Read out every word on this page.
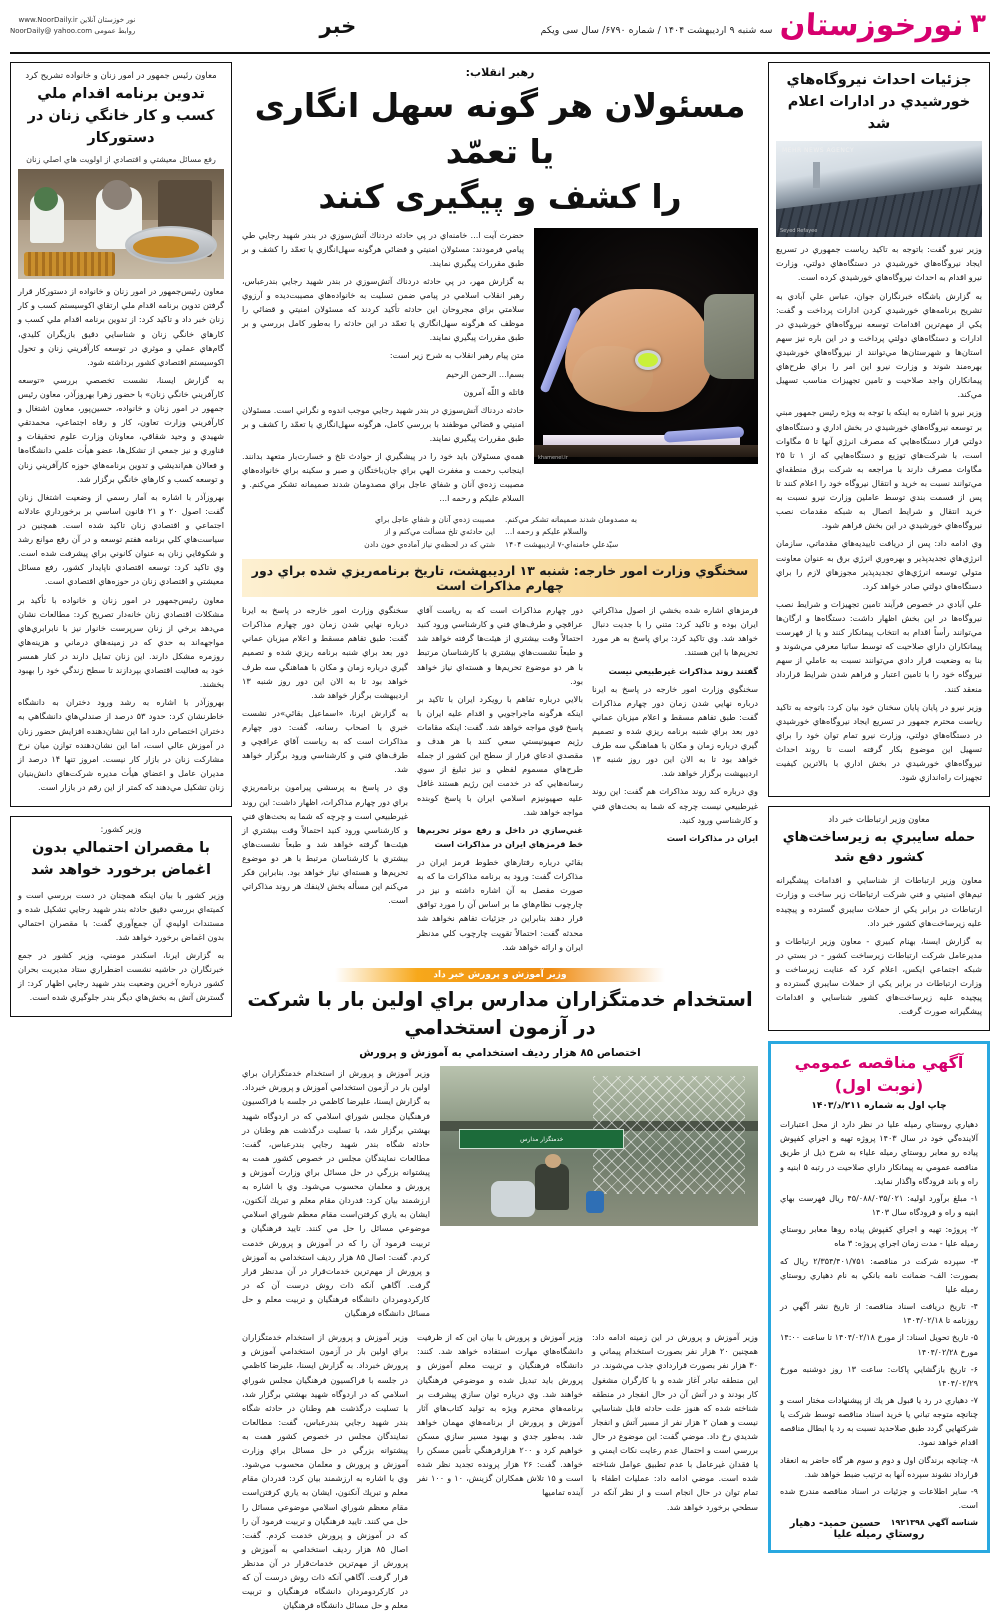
۳
نورخوزستان
سه شنبه ۹ اردیبهشت ۱۴۰۴ / شماره ۶۷۹۰/ سال سی ویکم
خبر
www.NoorDaily.ir نور خوزستان آنلاین
NoorDaily@ yahoo.com روابط عمومی
جزئيات احداث نيروگاه‌هاي خورشيدي در ادارات اعلام شد
MEHR NEWS AGENCY
Seyed Refayee

وزير نيرو گفت: باتوجه به تاكيد رياست جمهوري در تسريع ايجاد نيروگاه‌هاي خورشيدي در دستگاه‌هاي دولتي، وزارت نيرو اقدام به احداث نيروگاه‌هاي خورشيدي كرده است.

به گزارش باشگاه خبرنگاران جوان، عباس علي آبادي به تشريح برنامه‌هاي خورشيدي كردن ادارات پرداخت و گفت: يكي از مهم‌ترين اقدامات توسعه نيروگاه‌هاي خورشيدي در ادارات و دستگاه‌هاي دولتي پرداخت و در اين باره نيز سهم استان‌ها و شهرستان‌ها مي‌توانند از نيروگاه‌هاي خورشيدي بهره‌مند شوند و وزارت نيرو اين امر را براي طرح‌هاي پيمانكاران واجد صلاحيت و تامين تجهيزات مناسب تسهيل مي‌كند.

وزير نيرو با اشاره به اينكه با توجه به ويژه رئيس جمهور مبني بر توسعه نيروگاه‌هاي خورشيدي در بخش اداري و دستگاه‌هاي دولتي قرار دستگاه‌هايي كه مصرف انرژي آنها تا ۵ مگاوات است، با شركت‌هاي توزيع و دستگاه‌هايي كه از ۱ تا ۲۵ مگاوات مصرف دارند با مراجعه به شركت برق منطقه‌اي مي‌توانند نسبت به خريد و انتقال نيروگاه خود را اعلام كنند تا پس از قسمت بندي توسط عاملين وزارت نيرو نسبت به خريد انتقال و شرايط اتصال به شبكه مقدمات نصب نيروگاه‌هاي خورشيدي در اين بخش فراهم شود.

وي ادامه داد: پس از دريافت تاييديه‌هاي مقدماتي، سازمان انرژي‌هاي تجديدپذير و بهره‌وري انرژي برق به عنوان معاونت متولي توسعه انرژي‌هاي تجديدپذير مجوزهاي لازم را براي دستگاه‌هاي دولتي صادر خواهد كرد.

علي آبادي در خصوص فرآيند تامين تجهيزات و شرايط نصب نيروگاه‌ها در اين بخش اظهار داشت: دستگاه‌ها و ارگان‌ها مي‌توانند رأساً اقدام به انتخاب پيمانكار كنند و يا از فهرست پيمانكاران داراي صلاحيت كه توسط ساتبا معرفي مي‌شوند و بنا به وضعيت قرار دادي مي‌توانند نسبت به عاملي از سهم نيروگاه خود را با تامين اعتبار و فراهم شدن شرايط قرارداد منعقد كنند.

وزير نيرو در پايان پايان سخنان خود بيان كرد: باتوجه به تاكيد رياست محترم جمهور در تسريع ايجاد نيروگاه‌هاي خورشيدي در دستگاه‌هاي دولتي، وزارت نيرو تمام توان خود را براي تسهيل اين موضوع بكار گرفته است تا روند احداث نيروگاه‌هاي خورشيدي در بخش اداري با بالاترين كيفيت تجهيزات راه‌اندازي شود.

معاون وزير ارتباطات خبر داد
حمله سايبري به زيرساخت‌هاي كشور دفع شد

معاون وزير ارتباطات از شناسايي و اقدامات پيشگيرانه تيم‌هاي امنيتي و فني شركت ارتباطات زير ساخت و وزارت ارتباطات در برابر يكي از حملات سايبري گسترده و پيچيده عليه زيرساخت‌هاي كشور خبر داد.

به گزارش ايسنا، بهنام كبيري - معاون وزير ارتباطات و مديرعامل شركت ارتباطات زيرساخت كشور - در بستي در شبكه اجتماعي ايكس، اعلام كرد كه عنايت زيرساخت و وزارت ارتباطات در برابر يكي از حملات سايبري گسترده و پيچيده عليه زيرساخت‌هاي كشور شناسايي و اقدامات پيشگيرانه صورت گرفت.

آگهي مناقصه عمومي (نوبت اول)
چاپ اول به شماره ۲۱۱/د/۱۴۰۳

دهياري روستاي رميله عليا در نظر دارد از محل اعتبارات آلاينده‌گي خود در سال ۱۴۰۳ پروژه تهيه و اجراي كفپوش پياده رو معابر روستاي رميله علياء به شرح ذيل از طريق مناقصه عمومي به پيمانكار داراي صلاحيت در رتبه ۵ ابنيه و راه و باند فرودگاه واگذار نمايد.

۱- مبلغ برآورد اوليه: ۴۵/۰۸۸/۰۳۵/۰۲۱ ريال فهرست بهاي ابنيه و راه و فرودگاه سال ۱۴۰۳

۲- پروژه: تهيه و اجراي كفپوش پياده روها معابر روستاي رميله عليا - مدت زمان اجراي پروژه: ۳ ماه

۳- سپرده شركت در مناقصه: ۲/۳۵۴/۴۰۱/۷۵۱ ريال كه بصورت: الف- ضمانت نامه بانكي به نام دهياري روستاي رميله عليا

۴- تاريخ دريافت اسناد مناقصه: از تاريخ نشر آگهي در روزنامه تا ۱۴۰۴/۰۲/۱۸

۵- تاريخ تحويل اسناد: از مورخ ۱۴۰۴/۰۲/۱۸ تا ساعت ۱۴:۰۰ مورخ ۱۴۰۴/۰۲/۲۸

۶- تاريخ بازگشايي پاكات: ساعت ۱۳ روز دوشنبه مورخ ۱۴۰۴/۰۲/۲۹

۷- دهياري در رد يا قبول هر يك از پيشنهادات مختار است و چنانچه متوجه تباني يا خريد اسناد مناقصه توسط شركت يا شركتهايي گردد طبق صلاحديد نسبت به رد يا ابطال مناقصه اقدام خواهد نمود.

۸- چنانچه برندگان اول و دوم و سوم هر گاه حاضر به انعقاد قرارداد نشوند سپرده آنها به ترتيب ضبط خواهد شد.

۹- ساير اطلاعات و جزئيات در اسناد مناقصه مندرج شده است.

شناسه آگهي ۱۹۲۱۳۹۸
حسين حميد- دهيار روستاي رميله عليا
رهبر انقلاب:
مسئولان هر گونه سهل انگاری یا تعمّد
را کشف و پیگیری کنند
khamenei.ir

حضرت آيت ا... خامنه‌اي در پي حادثه دردناك آتش‌سوزي در بندر شهيد رجايي طي پيامي فرمودند: مسئولان امنيتي و قضائي هرگونه سهل‌انگاري يا تعمّد را كشف و بر طبق مقررات پيگيري نمايند.

به گزارش مهر، در پي حادثه دردناك آتش‌سوزي در بندر شهيد رجايي بندرعباس، رهبر انقلاب اسلامي در پيامي ضمن تسليت به خانواده‌هاي مصيبت‌ديده و آرزوي سلامتي براي مجروحان اين حادثه تأكيد كردند كه مسئولان امنيتي و قضائي را موظف كه هرگونه سهل‌انگاري يا تعمّد در اين حادثه را به‌طور كامل بررسي و بر طبق مقررات پيگيري نمايند.

متن پيام رهبر انقلاب به شرح زير است:

بسم‌ا... الرحمن الرحيم

قاتله و اللّه آمرون

حادثه دردناك آتش‌سوزي در بندر شهيد رجايي موجب اندوه و نگراني است. مسئولان امنيتي و قضائي موظفند با بررسي كامل، هرگونه سهل‌انگاري يا تعمّد را كشف و بر طبق مقررات پيگيري نمايند.

همه‌ي مسئولان بايد خود را در پيشگيري از حوادث تلخ و خسارت‌بار متعهد بدانند. اينجانب رحمت و مغفرت الهي براي جان‌باختگان و صبر و سكينه براي خانواده‌هاي مصيبت زده‌ي آنان و شفاي عاجل براي مصدومان شدند صميمانه تشكر مي‌كنم. و السلام عليكم و رحمه ا...

به مصدومان شدند صميمانه تشكر مي‌كنم.
والسلام عليكم و رحمه ا...
سيّدعلي خامنه‌اي-۷ ارديبهشت ۱۴۰۴
مصيبت زده‌ي آنان و شفاي عاجل براي
اين حادثه‌ي تلخ مسألت مي‌كنم و از
شتي كه در لحظه‌ي نياز آماده‌ي خون دادن
سخنگوي وزارت امور خارجه: شنبه ۱۳ ارديبهشت، تاريخ برنامه‌ريزي شده براي دور چهارم مذاكرات است

قرمزهاي اشاره شده بخشي از اصول مذاكراتي ايران بوده و تاكيد كرد: متني را با جديت دنبال خواهد شد. وي تاكيد كرد: براي پاسخ به هر مورد تحريم‌ها با اين هستند.

گفتند روند مذاكرات غيرطبيعي نيست

سخنگوي وزارت امور خارجه در پاسخ به ايرنا درباره نهايي شدن زمان دور چهارم مذاكرات گفت: طبق تفاهم مسقط و اعلام ميزبان عماني دور بعد براي شنبه برنامه ريزي شده و تصميم گيري درباره زمان و مكان با هماهنگي سه طرف خواهد بود تا به الان اين دور روز شنبه ۱۳ ارديبهشت برگزار خواهد شد.

وي درباره كند روند مذاكرات هم گفت: اين روند غيرطبيعي نيست چرچه كه شما به بحث‌هاي فني و كارشناسي ورود كنيد.

ايران در مذاكرات است

دور چهارم مذاكرات است كه به رياست آقاي عراقچي و طرف‌هاي فني و كارشناسي ورود كنيد احتمالاً وقت بيشتري از هيئت‌ها گرفته خواهد شد و طبعاً نشست‌هاي بيشتري با كارشناسان مرتبط با هر دو موضوع تحريم‌ها و هسته‌اي نياز خواهد بود.

بالايي درباره تفاهم با رويكرد ايران با تاكيد بر اينكه هرگونه ماجراجويي و اقدام عليه ايران با پاسخ قوي مواجه خواهد شد. گفت: اينكه مقامات رژيم صهيونيستي سعي كنند با هر هدف و مقصدي ادعاي فرار از سطح اين كشور از جمله طرح‌هاي مسموم لفظي و نيز تبليغ از سوي رسانه‌هايي كه در خدمت اين رژيم هستند غافل عليه صهيونيزم اسلامي ايران با پاسخ كوبنده مواجه خواهد شد.

غني‌سازي در داخل و رفع موثر تحريم‌ها خط قرمزهاي ايران در مذاكرات است

بقائي درباره رفتارهاي خطوط قرمز ايران در مذاكرات گفت: ورود به برنامه مذاكرات ما كه به صورت مفصل به آن اشاره داشته و نيز در چارچوب نظام‌هاي ما بر اساس آن را مورد توافق قرار دهند بنابراين در جزئيات تفاهم نخواهد شد محدثه گفت: احتمالاً تقويت چارچوب كلي مدنظر ايران و ارائه خواهد شد.

سخنگوي وزارت امور خارجه در پاسخ به ايرنا درباره نهايي شدن زمان دور چهارم مذاكرات گفت: طبق تفاهم مسقط و اعلام ميزبان عماني دور بعد براي شنبه برنامه ريزي شده و تصميم گيري درباره زمان و مكان با هماهنگي سه طرف خواهد بود تا به الان اين دور روز شنبه ۱۳ ارديبهشت برگزار خواهد شد.

به گزارش ايرنا، «اسماعيل بقائي»در نشست خبري با اصحاب رسانه، گفت: دور چهارم مذاكرات است كه به رياست آقاي عراقچي و طرف‌هاي فني و كارشناسي ورود برگزار خواهد شد.

وي در پاسخ به پرسشي پيرامون برنامه‌ريزي براي دور چهارم مذاكرات، اظهار داشت: اين روند غيرطبيعي است و چرچه كه شما به بحث‌هاي فني و كارشناسي ورود كنيد احتمالاً وقت بيشتري از هيئت‌ها گرفته خواهد شد و طبعاً نشست‌هاي بيشتري با كارشناسان مرتبط با هر دو موضوع تحريم‌ها و هسته‌اي نياز خواهد بود. بنابراين فكر مي‌كنم اين مسأله بخش لاينفك هر روند مذاكراتي است.

وزير آموزش و پرورش خبر داد
استخدام خدمتگزاران مدارس براي اولين بار با شركت در آزمون استخدامي
اختصاص ۸۵ هزار رديف استخدامي به آموزش و پرورش
خدمتگزار مدارس

وزير آموزش و پرورش از استخدام خدمتگزاران براي اولين بار در آزمون استخدامي آموزش و پرورش خبرداد. به گزارش ايسنا، عليرضا كاظمي در جلسه با فراكسيون فرهنگيان مجلس شوراي اسلامي كه در اردوگاه شهيد بهشتي برگزار شد، با تسليت درگذشت هم وطنان در حادثه شگاه بندر شهيد رجايي بندرعباس، گفت: مطالعات نمايندگان مجلس در خصوص كشور همت به پيشتوانه بزرگي در حل مسائل براي وزارت آموزش و پرورش و معلمان محسوب مي‌شود. وي با اشاره به ارزشمند بيان كرد: قدردان مقام معلم و تبريك آنكنون، ايشان به ياري كرفتن‌است مقام معظم شوراي اسلامي موضوعي مسائل را حل مي كنند. تاييد فرهنگيان و تربيت فرمود آن را كه در آموزش و پرورش خدمت كردم. گفت: اصال ۸۵ هزار رديف استخدامي به آموزش و پرورش از مهم‌ترين خدمات‌قرار در آن مدنظر قرار گرفت. آگاهي آنكه ذات روش درست آن كه در كاركردومردان دانشگاه فرهنگيان و تربيت معلم و حل مسائل دانشگاه فرهنگيان

وزير آموزش و پرورش در اين زمينه ادامه داد: همچنين ۲۰ هزار نفر بصورت استخدام پيماني و ۳۰ هزار نفر بصورت قراردادي جذب مي‌شوند. در اين منطقه تبادر آغاز شده و با كارگران مشغول كار بودند و در آتش آن در حال انفجار در منطقه شناخته شده كه هنوز علت حادثه قابل شناسايي نيست و همان ۲ هزار نفر از مسير آتش و انفجار شديدي رخ داد. موضي گفت: اين موضوع در حال بررسي است و احتمال عدم رعايت نكات ايمني و يا فقدان غيرعامل با عدم تطبيق عوامل شناخته شده است. موضي ادامه داد: عمليات اطفاء با تمام توان در حال انجام است و از نظر آنكه در سطحي برخورد خواهد شد.

وزير آموزش و پرورش با بيان اين كه از ظرفيت دانشگاه‌هاي مهارت استفاده خواهد شد. كنند: دانشگاه فرهنگيان و تربيت معلم آموزش و پرورش بايد تبديل شده و موضوعي فرهنگيان خواهند شد. وي درباره توان سازي پيشرفت بر برنامه‌هاي محترم ويژه به توليد كتاب‌هاي آثار آموزش و پرورش از برنامه‌هاي مهمان خواهد شد. به‌طور جدي و بهبود مسير سازي مسكن خواهيم كرد و ۲۰۰ هزارفرهنگي تأمين مسكن را خواهد. گفت: ۲۶ هزار پرونده تجديد نظر شده است و ۱۵ تلاش همكاران گزينش، ۱۰ و ۱۰۰ نفر آينده تماميها

وزير آموزش و پرورش از استخدام خدمتگزاران براي اولين بار در آزمون استخدامي آموزش و پرورش خبرداد. به گزارش ايسنا، عليرضا كاظمي در جلسه با فراكسيون فرهنگيان مجلس شوراي اسلامي كه در اردوگاه شهيد بهشتي برگزار شد، با تسليت درگذشت هم وطنان در حادثه شگاه بندر شهيد رجايي بندرعباس، گفت: مطالعات نمايندگان مجلس در خصوص كشور همت به پيشتوانه بزرگي در حل مسائل براي وزارت آموزش و پرورش و معلمان محسوب مي‌شود. وي با اشاره به ارزشمند بيان كرد: قدردان مقام معلم و تبريك آنكنون، ايشان به ياري كرفتن‌است مقام معظم شوراي اسلامي موضوعي مسائل را حل مي كنند. تاييد فرهنگيان و تربيت فرمود آن را كه در آموزش و پرورش خدمت كردم. گفت: اصال ۸۵ هزار رديف استخدامي به آموزش و پرورش از مهم‌ترين خدمات‌قرار در آن مدنظر قرار گرفت. آگاهي آنكه ذات روش درست آن كه در كاركردومردان دانشگاه فرهنگيان و تربيت معلم و حل مسائل دانشگاه فرهنگيان

معاون رئيس جمهور در امور زنان و خانواده تشريح كرد
تدوين برنامه اقدام ملي كسب و كار خانگي زنان در دستوركار
رفع مسائل معيشتي و اقتصادي از اولويت هاي اصلي زنان

معاون رئيس‌جمهور در امور زنان و خانواده از دستوركار قرار گرفتن تدوين برنامه اقدام ملي ارتقاي اكوسيستم كسب و كار زنان خبر داد و تاكيد كرد: از تدوين برنامه اقدام ملي كسب و كارهاي خانگي زنان و شناسايي دقيق بازيگران كليدي، گام‌هاي عملي و موثري در توسعه كارآفريني زنان و تحول اكوسيستم اقتصادي كشور برداشته شود.

به گزارش ايسنا، نشست تخصصي بررسي «توسعه كارآفريني خانگي زنان» با حضور زهرا بهروزآذر، معاون رئيس جمهور در امور زنان و خانواده، حسين‌پور، معاون اشتغال و كارآفريني وزارت تعاون، كار و رفاه اجتماعي، محمدتقي شهيدي و وحيد شقاقي، معاونان وزارت علوم تحقيقات و فناوري و نيز جمعي از تشكل‌ها، عضو هيأت علمي دانشگاه‌ها و فعالان هم‌انديشي و تدوين برنامه‌هاي حوزه كارآفريني زنان و توسعه كسب و كارهاي خانگي برگزار شد.

بهروزآذر با اشاره به آمار رسمي از وضعيت اشتغال زنان گفت: اصول ۲۰ و ۲۱ قانون اساسي بر برخورداري عادلانه اجتماعي و اقتصادي زنان تاكيد شده است. همچنين در سياست‌هاي كلي برنامه هفتم توسعه و در آن رفع موانع رشد و شكوفايي زنان به عنوان كانوني براي پيشرفت شده است. وي تاكيد كرد: توسعه اقتصادي ناپايدار كشور، رفع مسائل معيشتي و اقتصادي زنان در حوزه‌هاي اقتصادي است.

معاون رئيس‌جمهور در امور زنان و خانواده با تأكيد بر مشكلات اقتصادي زنان خانه‌دار تصريح كرد: مطالعات نشان مي‌دهد برخي از زنان سرپرست خانوار نيز با نابرابري‌هاي مواجهه‌اند به حدي كه در زمينه‌هاي درماني و هزينه‌هاي روزمره مشكل دارند. اين زنان تمايل دارند در كنار همسر خود به فعاليت اقتصادي بپردازند تا سطح زندگي خود را بهبود بخشند.

بهروزآذر با اشاره به رشد ورود دختران به دانشگاه خاطرنشان كرد: حدود ۵۳ درصد از صندلي‌هاي دانشگاهي به دختران اختصاص دارد اما اين نشان‌دهنده افزايش حضور زنان در آموزش عالي است، اما اين نشان‌دهنده توازن ميان نرخ مشاركت زنان در بازار كار نيست. امروز تنها ۱۴ درصد از مديران عامل و اعضاي هيأت مديره شركت‌هاي دانش‌بنيان زنان تشكيل مي‌دهند كه كمتر از اين رقم در بازار است.

وزير كشور:
با مقصران احتمالي بدون اغماض برخورد خواهد شد

وزير كشور با بيان اينكه همچنان در دست بررسي است و كميته‌اي بررسي دقيق حادثه بندر شهيد رجايي تشكيل شده و مستندات اوليه‌ي آن جمع‌آوري گفت: با مقصران احتمالي بدون اغماض برخورد خواهد شد.

به گزارش ايرنا، اسكندر مومني، وزير كشور در جمع خبرنگاران در حاشيه نشست اضطراري ستاد مديريت بحران كشور درباره آخرين وضعيت بندر شهيد رجايي اظهار كرد: از گسترش آتش به بخش‌هاي ديگر بندر جلوگيري شده است.
